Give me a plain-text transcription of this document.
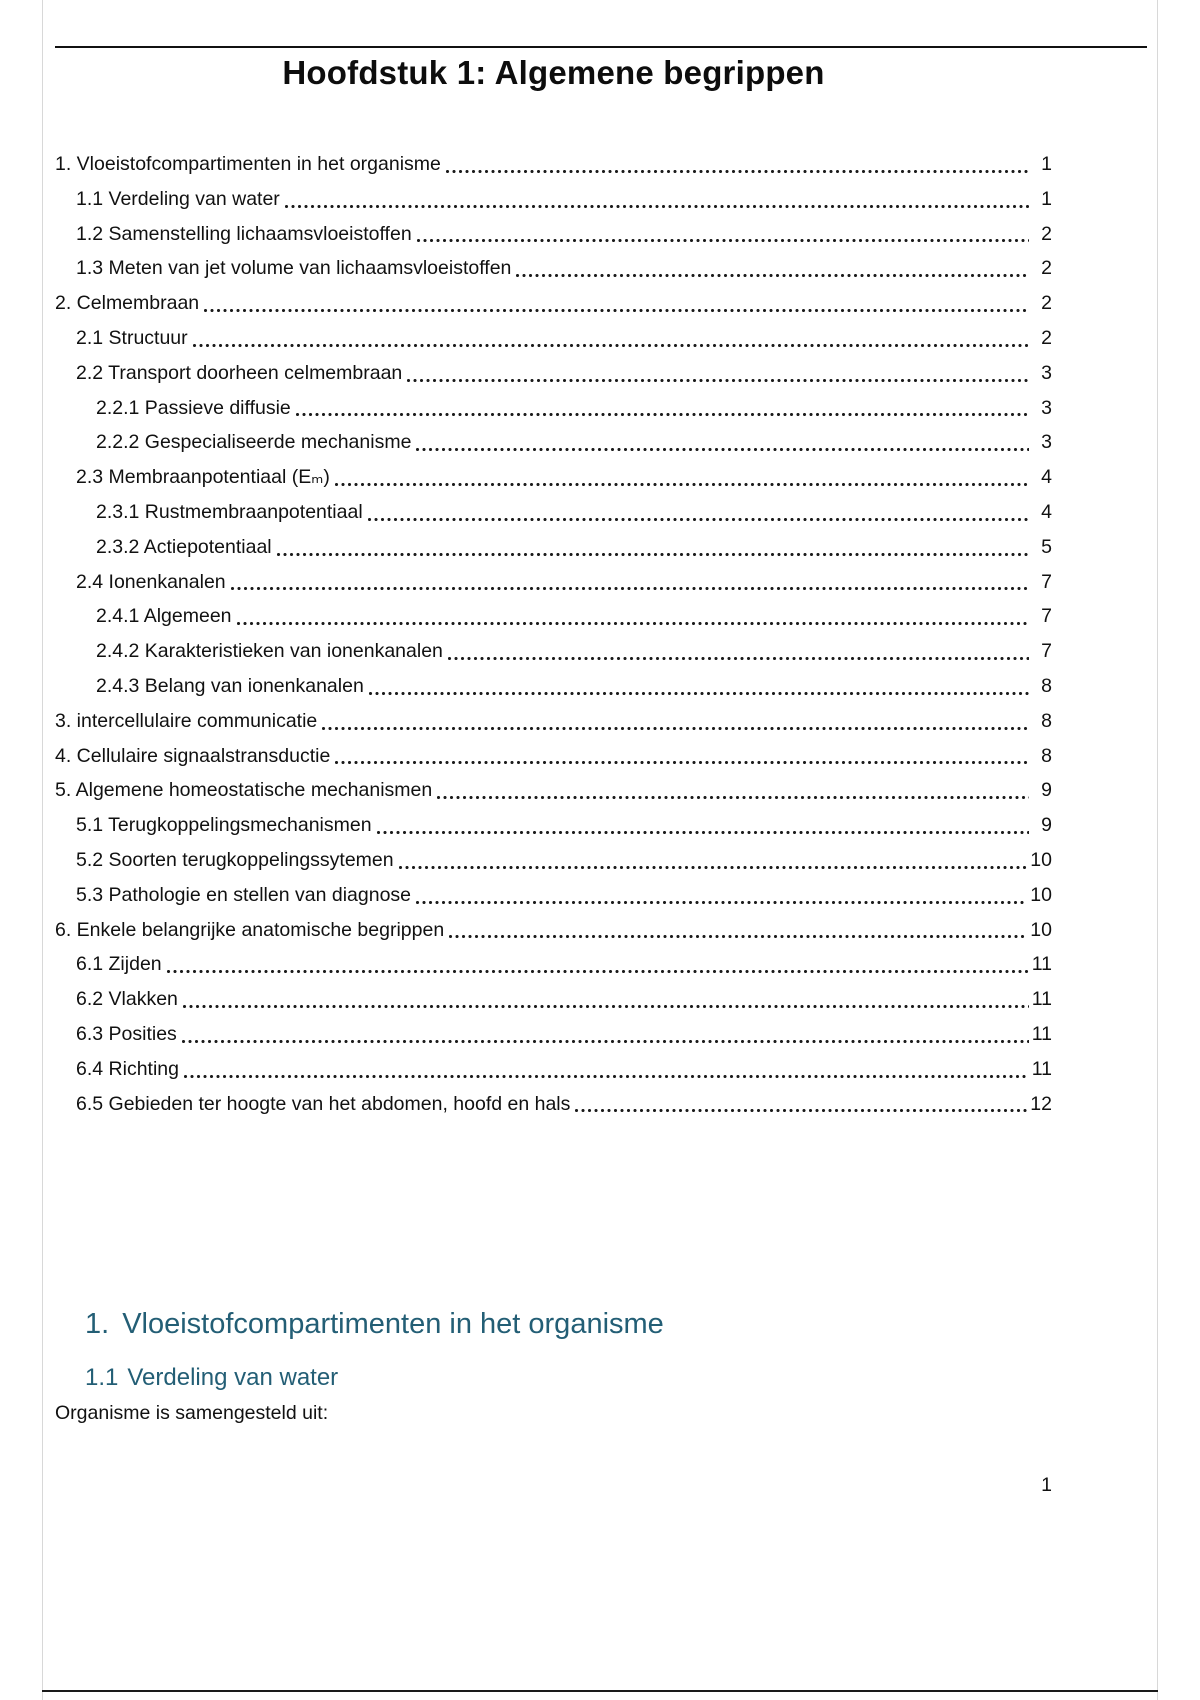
Hoofdstuk 1: Algemene begrippen
1. Vloeistofcompartimenten in het organisme	1
1.1 Verdeling van water	1
1.2 Samenstelling lichaamsvloeistoffen	2
1.3 Meten van jet volume van lichaamsvloeistoffen	2
2. Celmembraan	2
2.1 Structuur	2
2.2 Transport doorheen celmembraan	3
2.2.1 Passieve diffusie	3
2.2.2 Gespecialiseerde mechanisme	3
2.3 Membraanpotentiaal (Eₘ)	4
2.3.1 Rustmembraanpotentiaal	4
2.3.2 Actiepotentiaal	5
2.4 Ionenkanalen	7
2.4.1 Algemeen	7
2.4.2 Karakteristieken van ionenkanalen	7
2.4.3 Belang van ionenkanalen	8
3. intercellulaire communicatie	8
4. Cellulaire signaalstransductie	8
5. Algemene homeostatische mechanismen	9
5.1 Terugkoppelingsmechanismen	9
5.2 Soorten terugkoppelingssytemen	10
5.3 Pathologie en stellen van diagnose	10
6. Enkele belangrijke anatomische begrippen	10
6.1 Zijden	11
6.2 Vlakken	11
6.3 Posities	11
6.4 Richting	11
6.5 Gebieden ter hoogte van het abdomen, hoofd en hals	12
1. Vloeistofcompartimenten in het organisme
1.1 Verdeling van water
Organisme is samengesteld uit:
1
